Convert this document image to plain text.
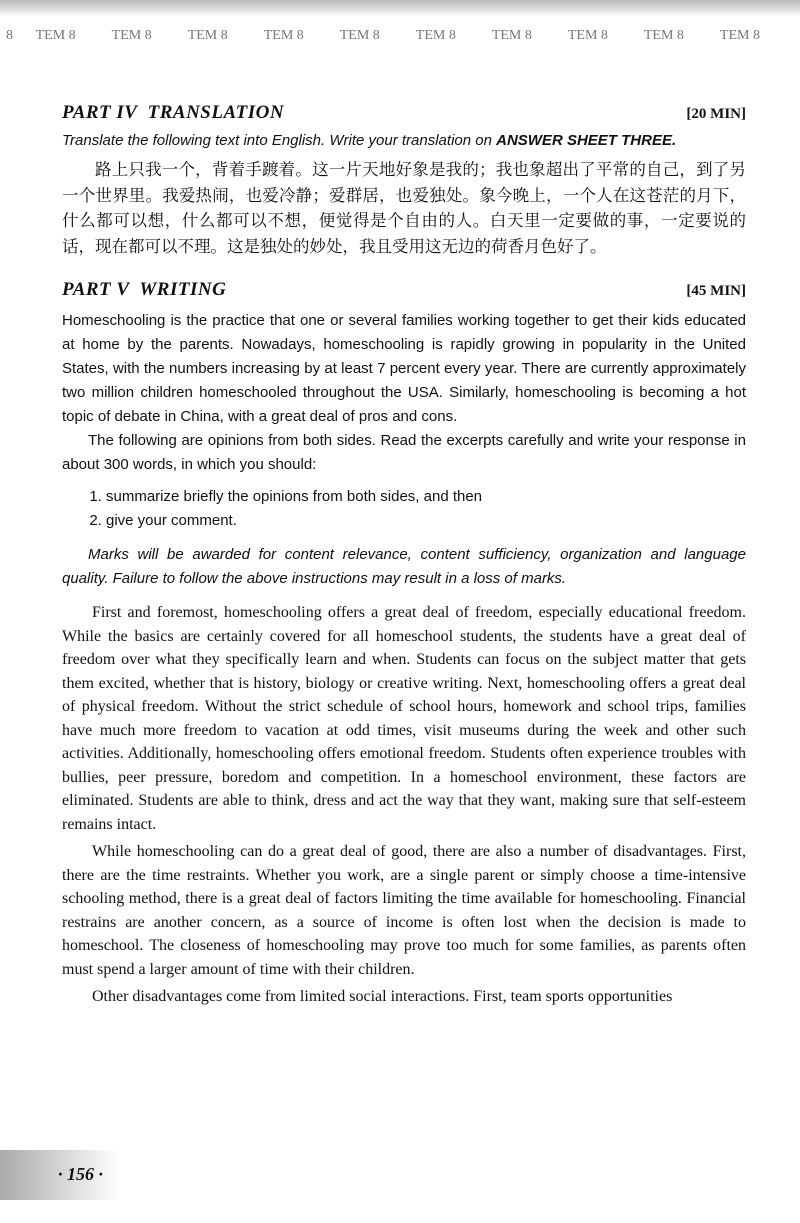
8	TEM 8	TEM 8	TEM 8	TEM 8	TEM 8	TEM 8	TEM 8	TEM 8	TEM 8	TEM 8
PART IV  TRANSLATION	[20 MIN]

Translate the following text into English. Write your translation on ANSWER SHEET THREE.

路上只我一个，背着手踱着。这一片天地好象是我的；我也象超出了平常的自己，到了另一个世界里。我爱热闹，也爱冷静；爱群居，也爱独处。象今晚上，一个人在这苍茫的月下，什么都可以想，什么都可以不想，便觉得是个自由的人。白天里一定要做的事，一定要说的话，现在都可以不理。这是独处的妙处，我且受用这无边的荷香月色好了。

PART V  WRITING	[45 MIN]

Homeschooling is the practice that one or several families working together to get their kids educated at home by the parents. Nowadays, homeschooling is rapidly growing in popularity in the United States, with the numbers increasing by at least 7 percent every year. There are currently approximately two million children homeschooled throughout the USA. Similarly, homeschooling is becoming a hot topic of debate in China, with a great deal of pros and cons.

The following are opinions from both sides. Read the excerpts carefully and write your response in about 300 words, in which you should:

1. summarize briefly the opinions from both sides, and then
2. give your comment.

Marks will be awarded for content relevance, content sufficiency, organization and language quality. Failure to follow the above instructions may result in a loss of marks.

First and foremost, homeschooling offers a great deal of freedom, especially educational freedom. While the basics are certainly covered for all homeschool students, the students have a great deal of freedom over what they specifically learn and when. Students can focus on the subject matter that gets them excited, whether that is history, biology or creative writing. Next, homeschooling offers a great deal of physical freedom. Without the strict schedule of school hours, homework and school trips, families have much more freedom to vacation at odd times, visit museums during the week and other such activities. Additionally, homeschooling offers emotional freedom. Students often experience troubles with bullies, peer pressure, boredom and competition. In a homeschool environment, these factors are eliminated. Students are able to think, dress and act the way that they want, making sure that self-esteem remains intact.

While homeschooling can do a great deal of good, there are also a number of disadvantages. First, there are the time restraints. Whether you work, are a single parent or simply choose a time-intensive schooling method, there is a great deal of factors limiting the time available for homeschooling. Financial restrains are another concern, as a source of income is often lost when the decision is made to homeschool. The closeness of homeschooling may prove too much for some families, as parents often must spend a larger amount of time with their children.

Other disadvantages come from limited social interactions. First, team sports opportunities

· 156 ·
